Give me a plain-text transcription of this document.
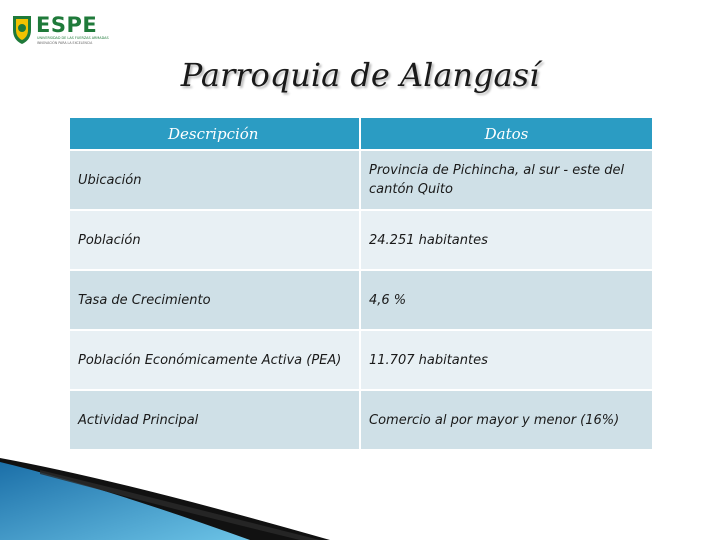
ESPE
UNIVERSIDAD DE LAS FUERZAS ARMADAS
INNOVACIÓN PARA LA EXCELENCIA
Parroquia de Alangasí
Descripción	Datos
Ubicación	Provincia de Pichincha, al sur - este del cantón Quito
Población	24.251 habitantes
Tasa de Crecimiento	4,6 %
Población Económicamente Activa (PEA)	11.707 habitantes
Actividad Principal	Comercio al por mayor y menor (16%)
